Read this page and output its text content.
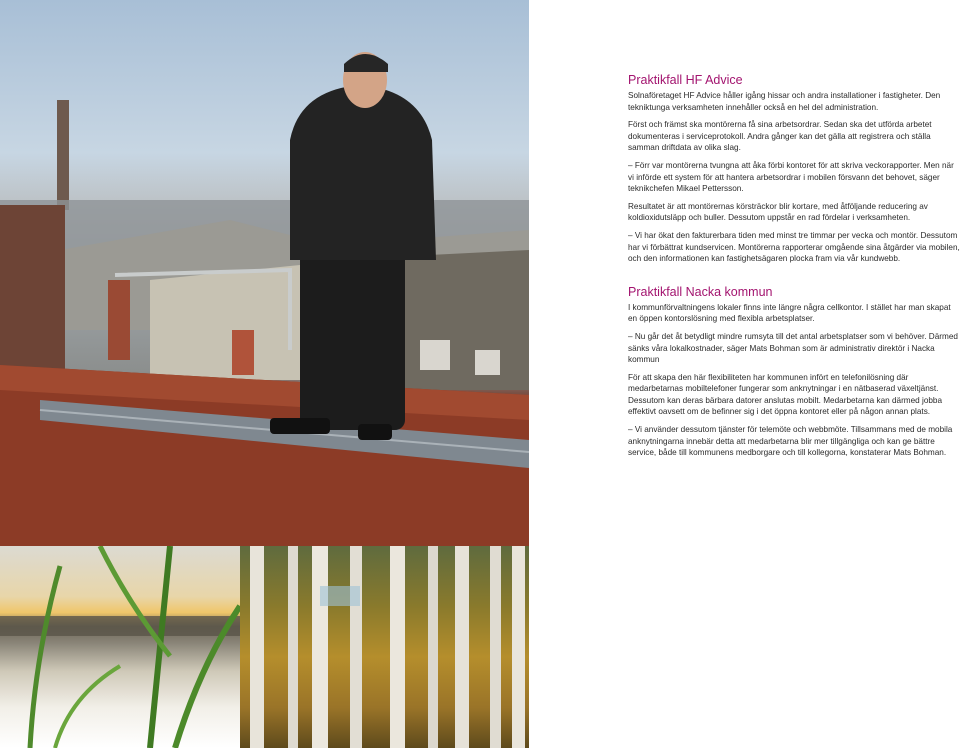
Praktikfall HF Advice

Solnaföretaget HF Advice håller igång hissar och andra installationer i fastigheter. Den tekniktunga verksamheten innehåller också en hel del administration.

Först och främst ska montörerna få sina arbetsordrar. Sedan ska det utförda arbetet dokumenteras i serviceprotokoll. Andra gånger kan det gälla att registrera och ställa samman driftdata av olika slag.

– Förr var montörerna tvungna att åka förbi kontoret för att skriva veckorapporter. Men när vi införde ett system för att hantera arbetsordrar i mobilen försvann det behovet, säger teknikchefen Mikael Pettersson.

Resultatet är att montörernas körsträckor blir kortare, med åtföljande reducering av koldioxidutsläpp och buller. Dessutom uppstår en rad fördelar i verksamheten.

– Vi har ökat den fakturerbara tiden med minst tre timmar per vecka och montör. Dessutom har vi förbättrat kundservicen. Montörerna rapporterar omgående sina åtgärder via mobilen, och den informationen kan fastighetsägaren plocka fram via vår kundwebb.

Praktikfall Nacka kommun

I kommunförvaltningens lokaler finns inte längre några cellkontor. I stället har man skapat en öppen kontorslösning med flexibla arbetsplatser.

– Nu går det åt betydligt mindre rumsyta till det antal arbetsplatser som vi behöver. Därmed sänks våra lokalkostnader, säger Mats Bohman som är administrativ direktör i Nacka kommun

För att skapa den här flexibiliteten har kommunen infört en telefonilösning där medarbetarnas mobiltelefoner fungerar som anknytningar i en nätbaserad växeltjänst. Dessutom kan deras bärbara datorer anslutas mobilt. Medarbetarna kan därmed jobba effektivt oavsett om de befinner sig i det öppna kontoret eller på någon annan plats.

– Vi använder dessutom tjänster för telemöte och webbmöte. Tillsammans med de mobila anknytningarna innebär detta att medarbetarna blir mer tillgängliga och kan ge bättre service, både till kommunens medborgare och till kollegorna, konstaterar Mats Bohman.
